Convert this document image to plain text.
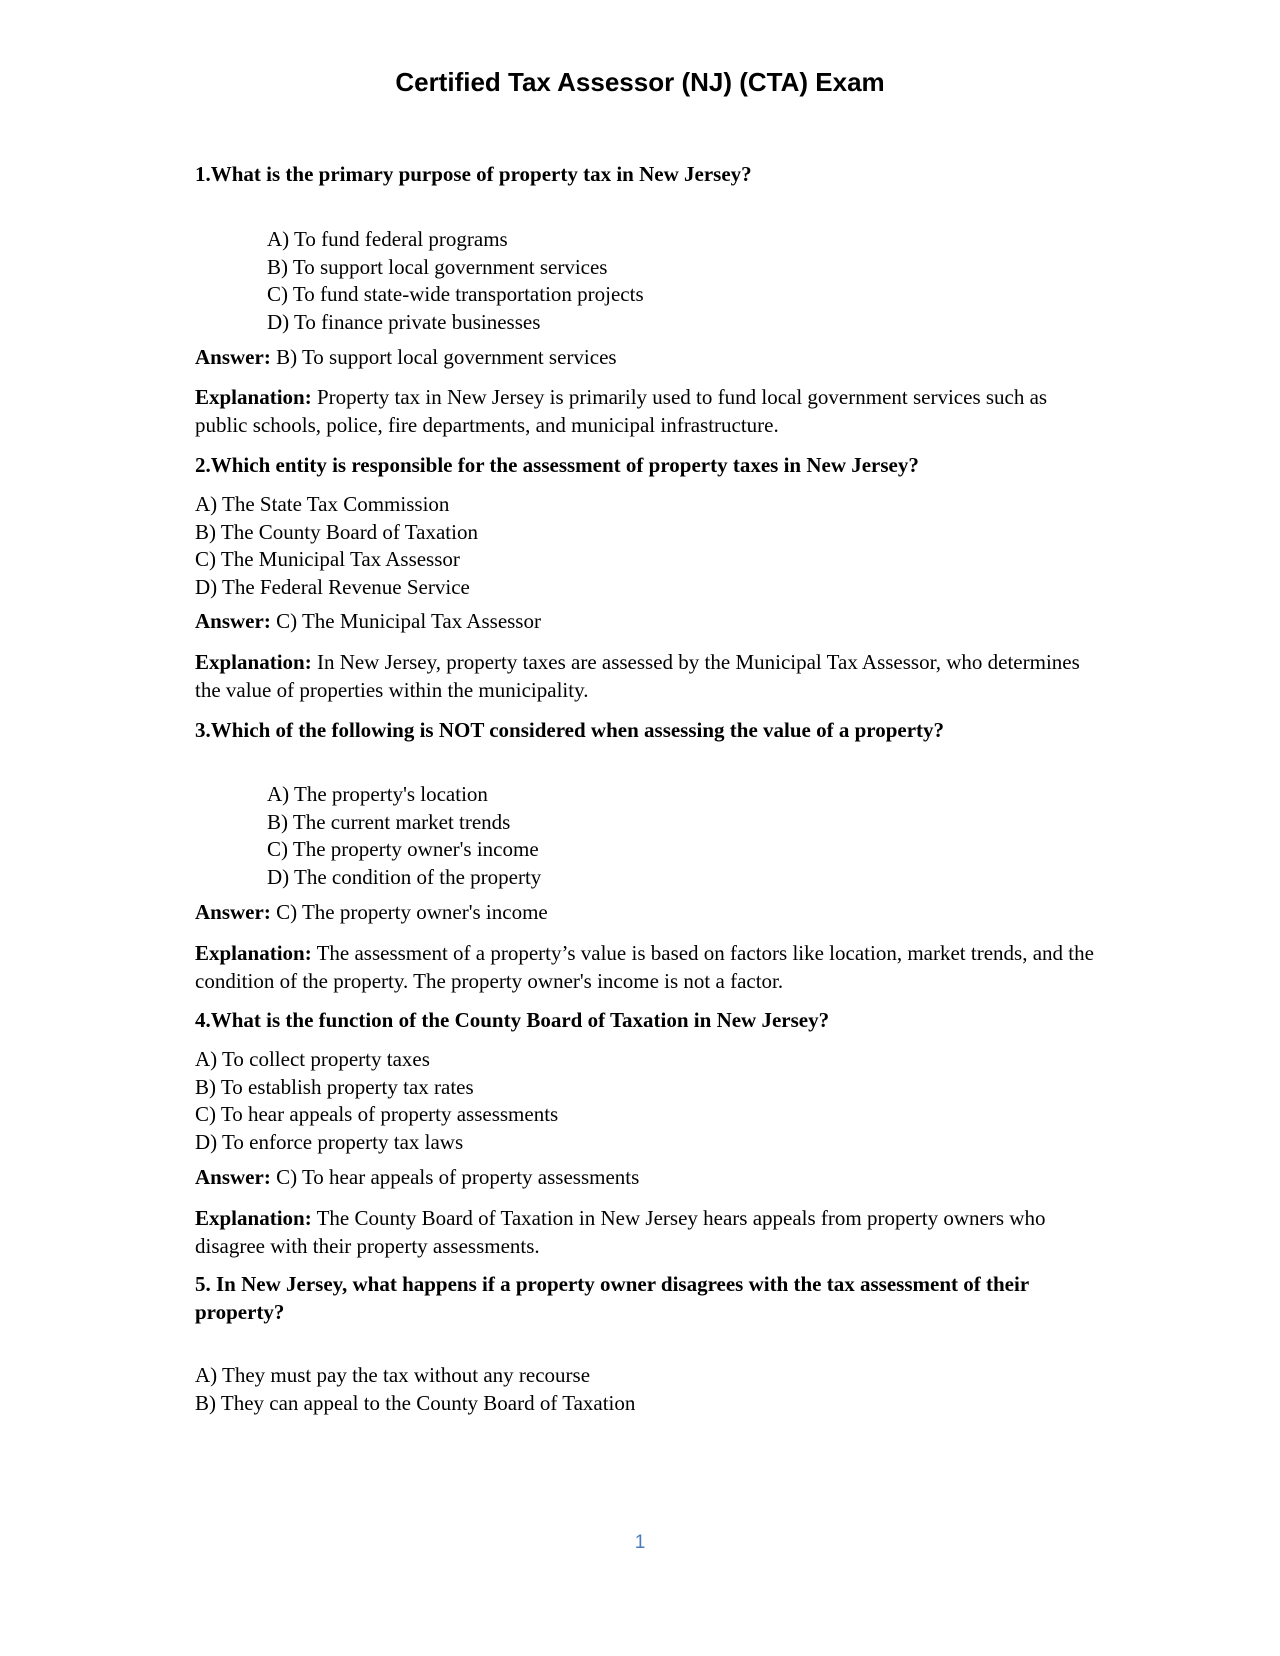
Certified Tax Assessor (NJ) (CTA) Exam

1.What is the primary purpose of property tax in New Jersey?

A) To fund federal programs
B) To support local government services
C) To fund state-wide transportation projects
D) To finance private businesses

Answer: B) To support local government services

Explanation: Property tax in New Jersey is primarily used to fund local government services such as public schools, police, fire departments, and municipal infrastructure.

2.Which entity is responsible for the assessment of property taxes in New Jersey?

A) The State Tax Commission
B) The County Board of Taxation
C) The Municipal Tax Assessor
D) The Federal Revenue Service

Answer: C) The Municipal Tax Assessor

Explanation: In New Jersey, property taxes are assessed by the Municipal Tax Assessor, who determines the value of properties within the municipality.

3.Which of the following is NOT considered when assessing the value of a property?

A) The property's location
B) The current market trends
C) The property owner's income
D) The condition of the property

Answer: C) The property owner's income

Explanation: The assessment of a property’s value is based on factors like location, market trends, and the condition of the property. The property owner's income is not a factor.

4.What is the function of the County Board of Taxation in New Jersey?

A) To collect property taxes
B) To establish property tax rates
C) To hear appeals of property assessments
D) To enforce property tax laws

Answer: C) To hear appeals of property assessments

Explanation: The County Board of Taxation in New Jersey hears appeals from property owners who disagree with their property assessments.

5. In New Jersey, what happens if a property owner disagrees with the tax assessment of their property?

A) They must pay the tax without any recourse
B) They can appeal to the County Board of Taxation
1
